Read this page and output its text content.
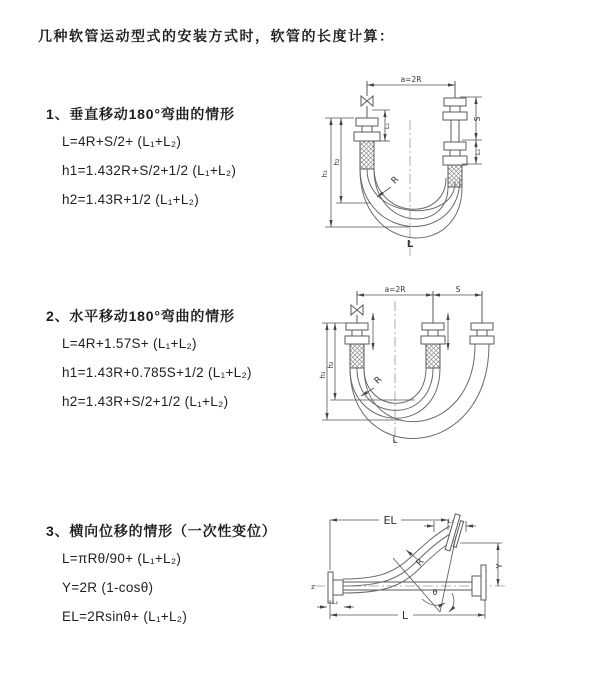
几种软管运动型式的安装方式时，软管的长度计算：
1、垂直移动180°弯曲的情形
L=4R+S/2+ (L₁+L₂)
h1=1.432R+S/2+1/2 (L₁+L₂)
h2=1.43R+1/2 (L₁+L₂)
2、水平移动180°弯曲的情形
L=4R+1.57S+ (L₁+L₂)
h1=1.43R+0.785S+1/2 (L₁+L₂)
h2=1.43R+S/2+1/2 (L₁+L₂)
3、横向位移的情形（一次性变位）
L=πRθ/90+ (L₁+L₂)
Y=2R (1-cosθ)
EL=2Rsinθ+ (L₁+L₂)
a=2R
h₁
h₂
L₁
S
L₂
R
L
a=2R	S
h₁
h₂
R
L
z
θ
R
EL	L₁
Y
L
L₂
